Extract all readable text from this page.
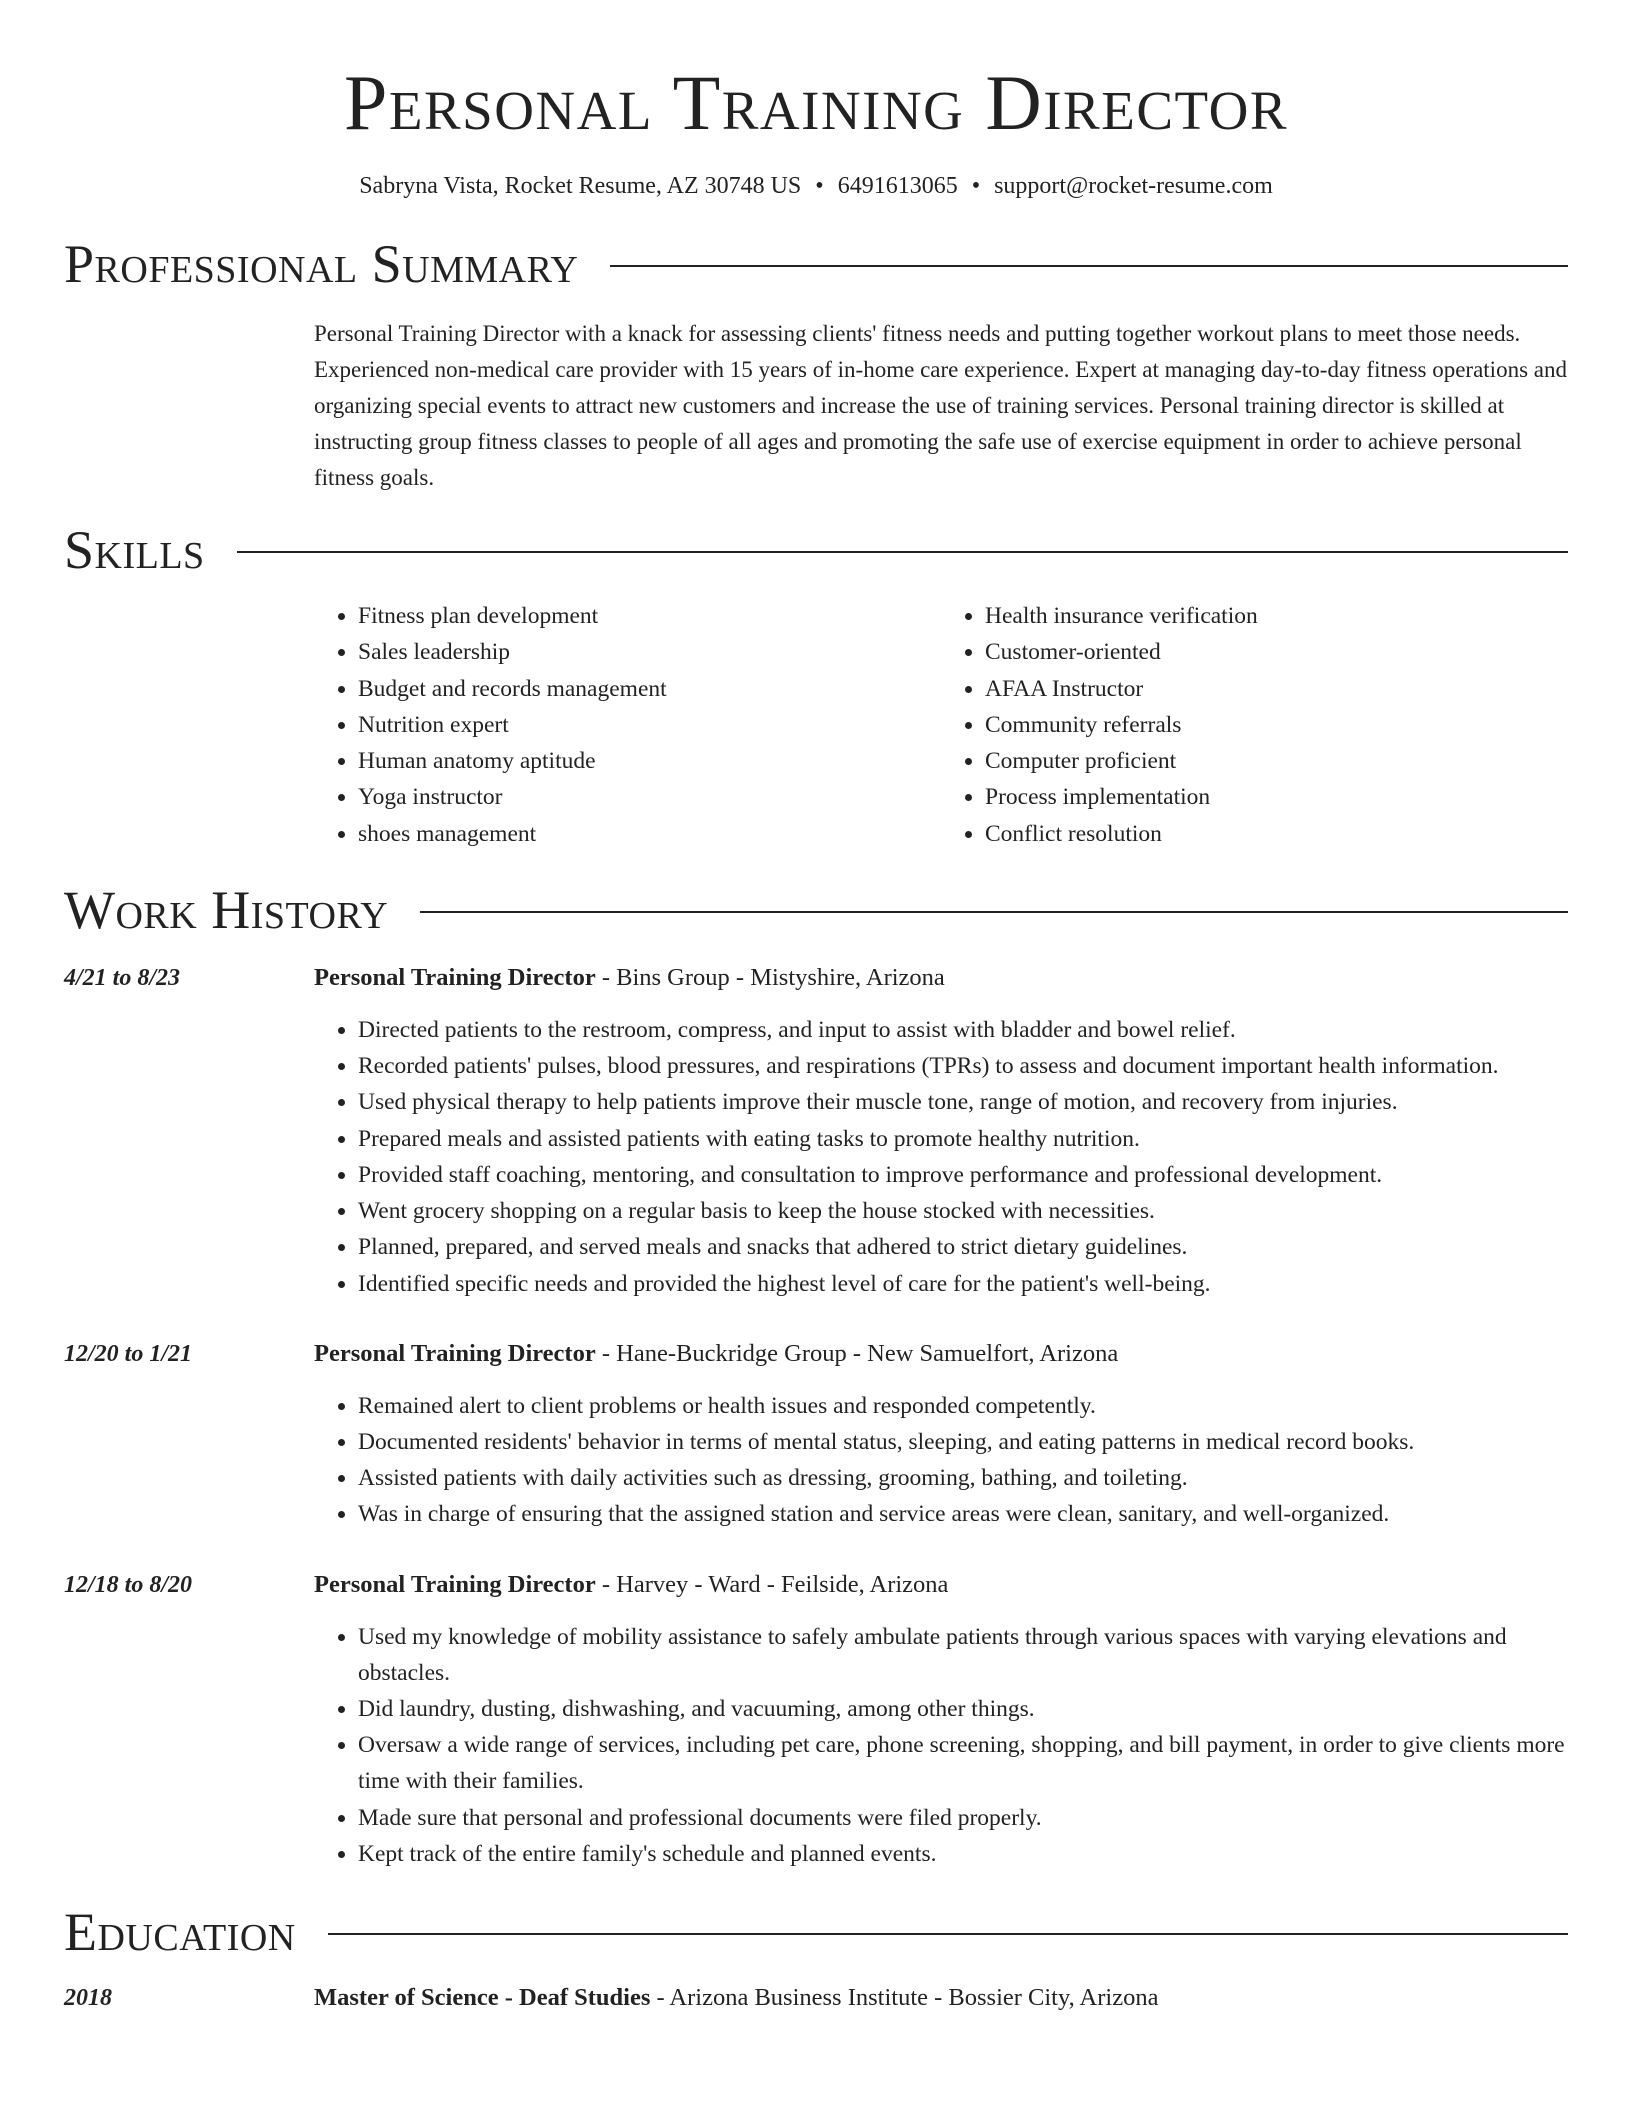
Personal Training Director
Sabryna Vista, Rocket Resume, AZ 30748 US • 6491613065 • support@rocket-resume.com
Professional Summary

Personal Training Director with a knack for assessing clients' fitness needs and putting together workout plans to meet those needs. Experienced non-medical care provider with 15 years of in-home care experience. Expert at managing day-to-day fitness operations and organizing special events to attract new customers and increase the use of training services. Personal training director is skilled at instructing group fitness classes to people of all ages and promoting the safe use of exercise equipment in order to achieve personal fitness goals.

Skills
• Fitness plan development
• Sales leadership
• Budget and records management
• Nutrition expert
• Human anatomy aptitude
• Yoga instructor
• shoes management
• Health insurance verification
• Customer-oriented
• AFAA Instructor
• Community referrals
• Computer proficient
• Process implementation
• Conflict resolution
Work History
4/21 to 8/23	Personal Training Director - Bins Group - Mistyshire, Arizona
• Directed patients to the restroom, compress, and input to assist with bladder and bowel relief.
• Recorded patients' pulses, blood pressures, and respirations (TPRs) to assess and document important health information.
• Used physical therapy to help patients improve their muscle tone, range of motion, and recovery from injuries.
• Prepared meals and assisted patients with eating tasks to promote healthy nutrition.
• Provided staff coaching, mentoring, and consultation to improve performance and professional development.
• Went grocery shopping on a regular basis to keep the house stocked with necessities.
• Planned, prepared, and served meals and snacks that adhered to strict dietary guidelines.
• Identified specific needs and provided the highest level of care for the patient's well-being.
12/20 to 1/21	Personal Training Director - Hane-Buckridge Group - New Samuelfort, Arizona
• Remained alert to client problems or health issues and responded competently.
• Documented residents' behavior in terms of mental status, sleeping, and eating patterns in medical record books.
• Assisted patients with daily activities such as dressing, grooming, bathing, and toileting.
• Was in charge of ensuring that the assigned station and service areas were clean, sanitary, and well-organized.
12/18 to 8/20	Personal Training Director - Harvey - Ward - Feilside, Arizona
• Used my knowledge of mobility assistance to safely ambulate patients through various spaces with varying elevations and obstacles.
• Did laundry, dusting, dishwashing, and vacuuming, among other things.
• Oversaw a wide range of services, including pet care, phone screening, shopping, and bill payment, in order to give clients more time with their families.
• Made sure that personal and professional documents were filed properly.
• Kept track of the entire family's schedule and planned events.
Education
2018	Master of Science - Deaf Studies - Arizona Business Institute - Bossier City, Arizona
